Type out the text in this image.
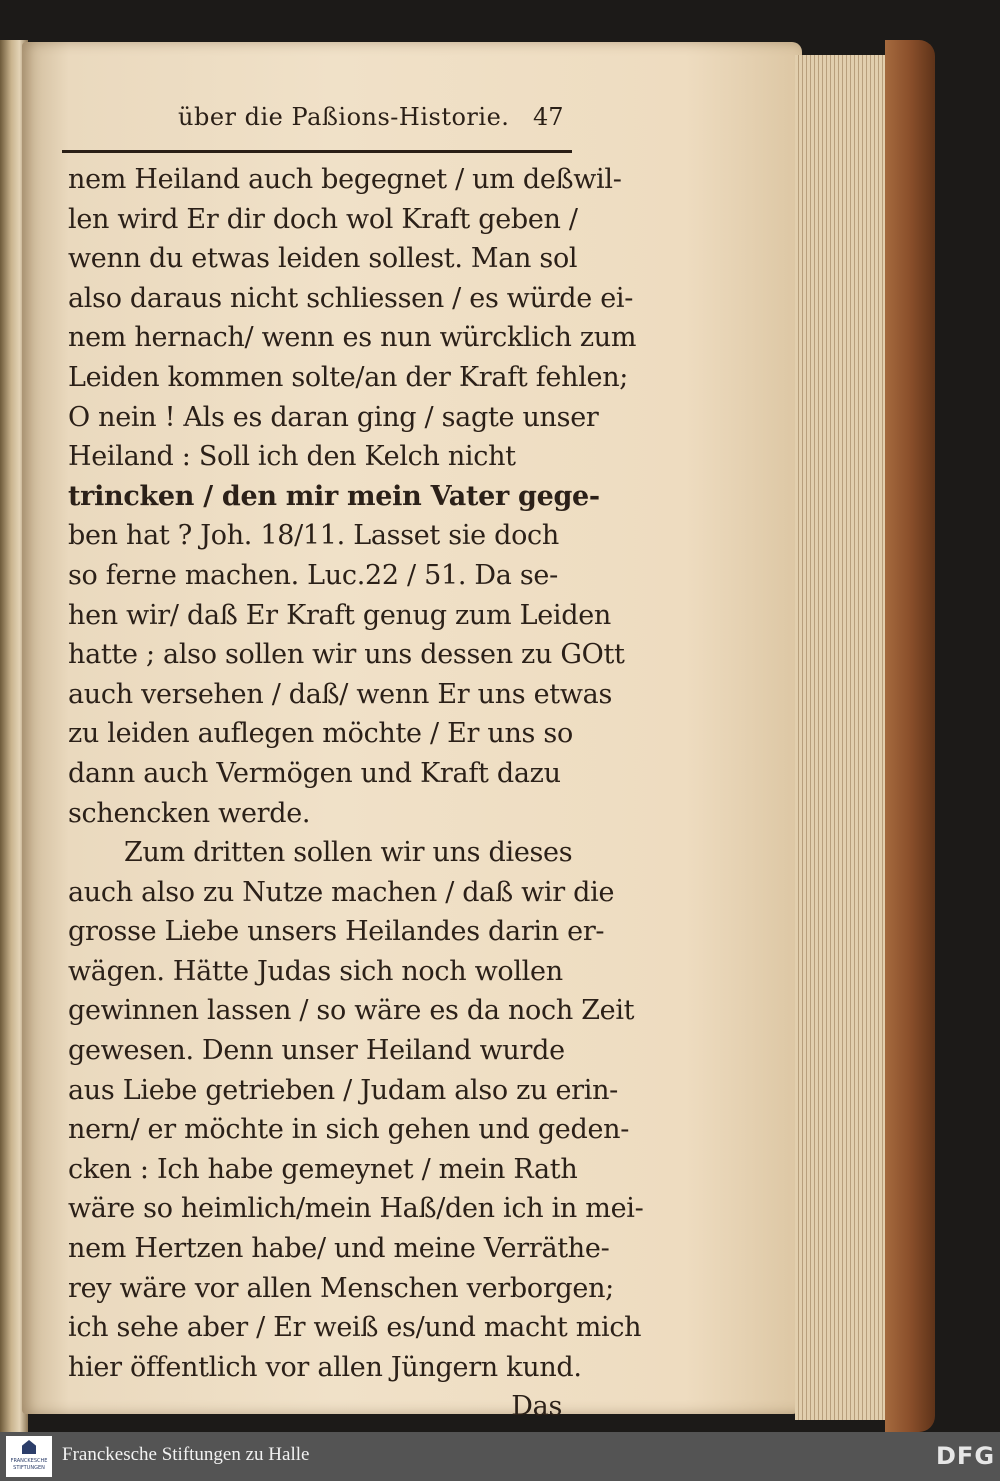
über die Paßions-Historie. 47
nem Heiland auch begegnet / um deßwil-
len wird Er dir doch wol Kraft geben /
wenn du etwas leiden sollest. Man sol
also daraus nicht schliessen / es würde ei-
nem hernach/ wenn es nun würcklich zum
Leiden kommen solte/an der Kraft fehlen;
O nein ! Als es daran ging / sagte unser
Heiland : Soll ich den Kelch nicht
trincken / den mir mein Vater gege-
ben hat ? Joh. 18/11. Lasset sie doch
so ferne machen. Luc.22 / 51. Da se-
hen wir/ daß Er Kraft genug zum Leiden
hatte ; also sollen wir uns dessen zu GOtt
auch versehen / daß/ wenn Er uns etwas
zu leiden auflegen möchte / Er uns so
dann auch Vermögen und Kraft dazu
schencken werde.
Zum dritten sollen wir uns dieses
auch also zu Nutze machen / daß wir die
grosse Liebe unsers Heilandes darin er-
wägen. Hätte Judas sich noch wollen
gewinnen lassen / so wäre es da noch Zeit
gewesen. Denn unser Heiland wurde
aus Liebe getrieben / Judam also zu erin-
nern/ er möchte in sich gehen und geden-
cken : Ich habe gemeynet / mein Rath
wäre so heimlich/mein Haß/den ich in mei-
nem Hertzen habe/ und meine Verräthe-
rey wäre vor allen Menschen verborgen;
ich sehe aber / Er weiß es/und macht mich
hier öffentlich vor allen Jüngern kund.
Das
FRANCKESCHE STIFTUNGEN
Franckesche Stiftungen zu Halle	DFG
